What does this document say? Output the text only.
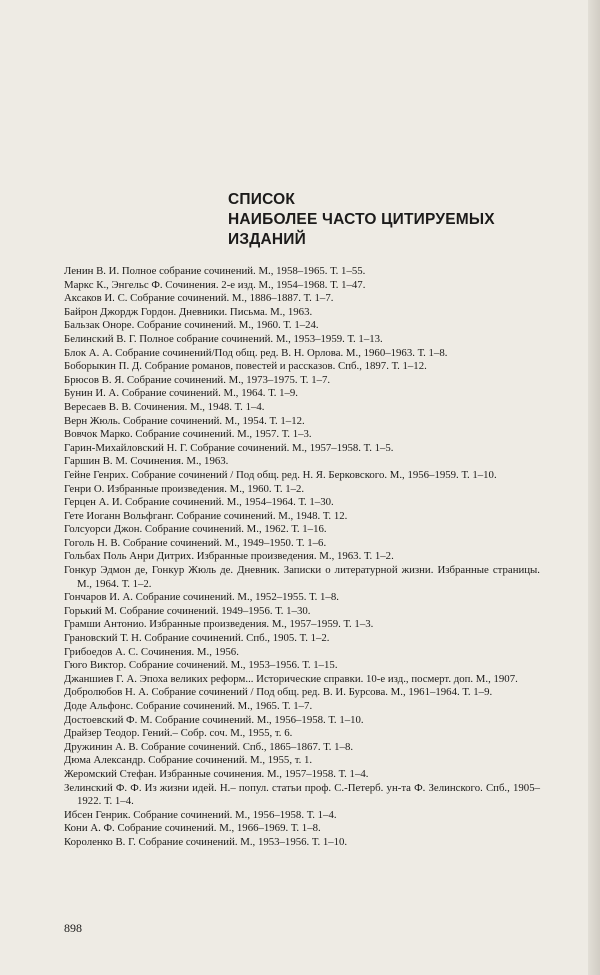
СПИСОК
НАИБОЛЕЕ ЧАСТО ЦИТИРУЕМЫХ
ИЗДАНИЙ
Ленин В. И. Полное собрание сочинений. М., 1958–1965. Т. 1–55.
Маркс К., Энгельс Ф. Сочинения. 2-е изд. М., 1954–1968. Т. 1–47.
Аксаков И. С. Собрание сочинений. М., 1886–1887. Т. 1–7.
Байрон Джордж Гордон. Дневники. Письма. М., 1963.
Бальзак Оноре. Собрание сочинений. М., 1960. Т. 1–24.
Белинский В. Г. Полное собрание сочинений. М., 1953–1959. Т. 1–13.
Блок А. А. Собрание сочинений/Под общ. ред. В. Н. Орлова. М., 1960–1963. Т. 1–8.
Боборыкин П. Д. Собрание романов, повестей и рассказов. Спб., 1897. Т. 1–12.
Брюсов В. Я. Собрание сочинений. М., 1973–1975. Т. 1–7.
Бунин И. А. Собрание сочинений. М., 1964. Т. 1–9.
Вересаев В. В. Сочинения. М., 1948. Т. 1–4.
Верн Жюль. Собрание сочинений. М., 1954. Т. 1–12.
Вовчок Марко. Собрание сочинений. М., 1957. Т. 1–3.
Гарин-Михайловский Н. Г. Собрание сочинений. М., 1957–1958. Т. 1–5.
Гаршин В. М. Сочинения. М., 1963.
Гейне Генрих. Собрание сочинений / Под общ. ред. Н. Я. Берковского. М., 1956–1959. Т. 1–10.
Генри О. Избранные произведения. М., 1960. Т. 1–2.
Герцен А. И. Собрание сочинений. М., 1954–1964. Т. 1–30.
Гете Иоганн Вольфганг. Собрание сочинений. М., 1948. Т. 12.
Голсуорси Джон. Собрание сочинений. М., 1962. Т. 1–16.
Гоголь Н. В. Собрание сочинений. М., 1949–1950. Т. 1–6.
Гольбах Поль Анри Дитрих. Избранные произведения. М., 1963. Т. 1–2.
Гонкур Эдмон де, Гонкур Жюль де. Дневник. Записки о литературной жизни. Избранные страницы. М., 1964. Т. 1–2.
Гончаров И. А. Собрание сочинений. М., 1952–1955. Т. 1–8.
Горький М. Собрание сочинений. 1949–1956. Т. 1–30.
Грамши Антонио. Избранные произведения. М., 1957–1959. Т. 1–3.
Грановский Т. Н. Собрание сочинений. Спб., 1905. Т. 1–2.
Грибоедов А. С. Сочинения. М., 1956.
Гюго Виктор. Собрание сочинений. М., 1953–1956. Т. 1–15.
Джаншиев Г. А. Эпоха великих реформ... Исторические справки. 10-е изд., посмерт. доп. М., 1907.
Добролюбов Н. А. Собрание сочинений / Под общ. ред. В. И. Бурсова. М., 1961–1964. Т. 1–9.
Доде Альфонс. Собрание сочинений. М., 1965. Т. 1–7.
Достоевский Ф. М. Собрание сочинений. М., 1956–1958. Т. 1–10.
Драйзер Теодор. Гений.– Собр. соч. М., 1955, т. 6.
Дружинин А. В. Собрание сочинений. Спб., 1865–1867. Т. 1–8.
Дюма Александр. Собрание сочинений. М., 1955, т. 1.
Жеромский Стефан. Избранные сочинения. М., 1957–1958. Т. 1–4.
Зелинский Ф. Ф. Из жизни идей. Н.– попул. статьи проф. С.-Петерб. ун-та Ф. Зелинского. Спб., 1905–1922. Т. 1–4.
Ибсен Генрик. Собрание сочинений. М., 1956–1958. Т. 1–4.
Кони А. Ф. Собрание сочинений. М., 1966–1969. Т. 1–8.
Короленко В. Г. Собрание сочинений. М., 1953–1956. Т. 1–10.
898
